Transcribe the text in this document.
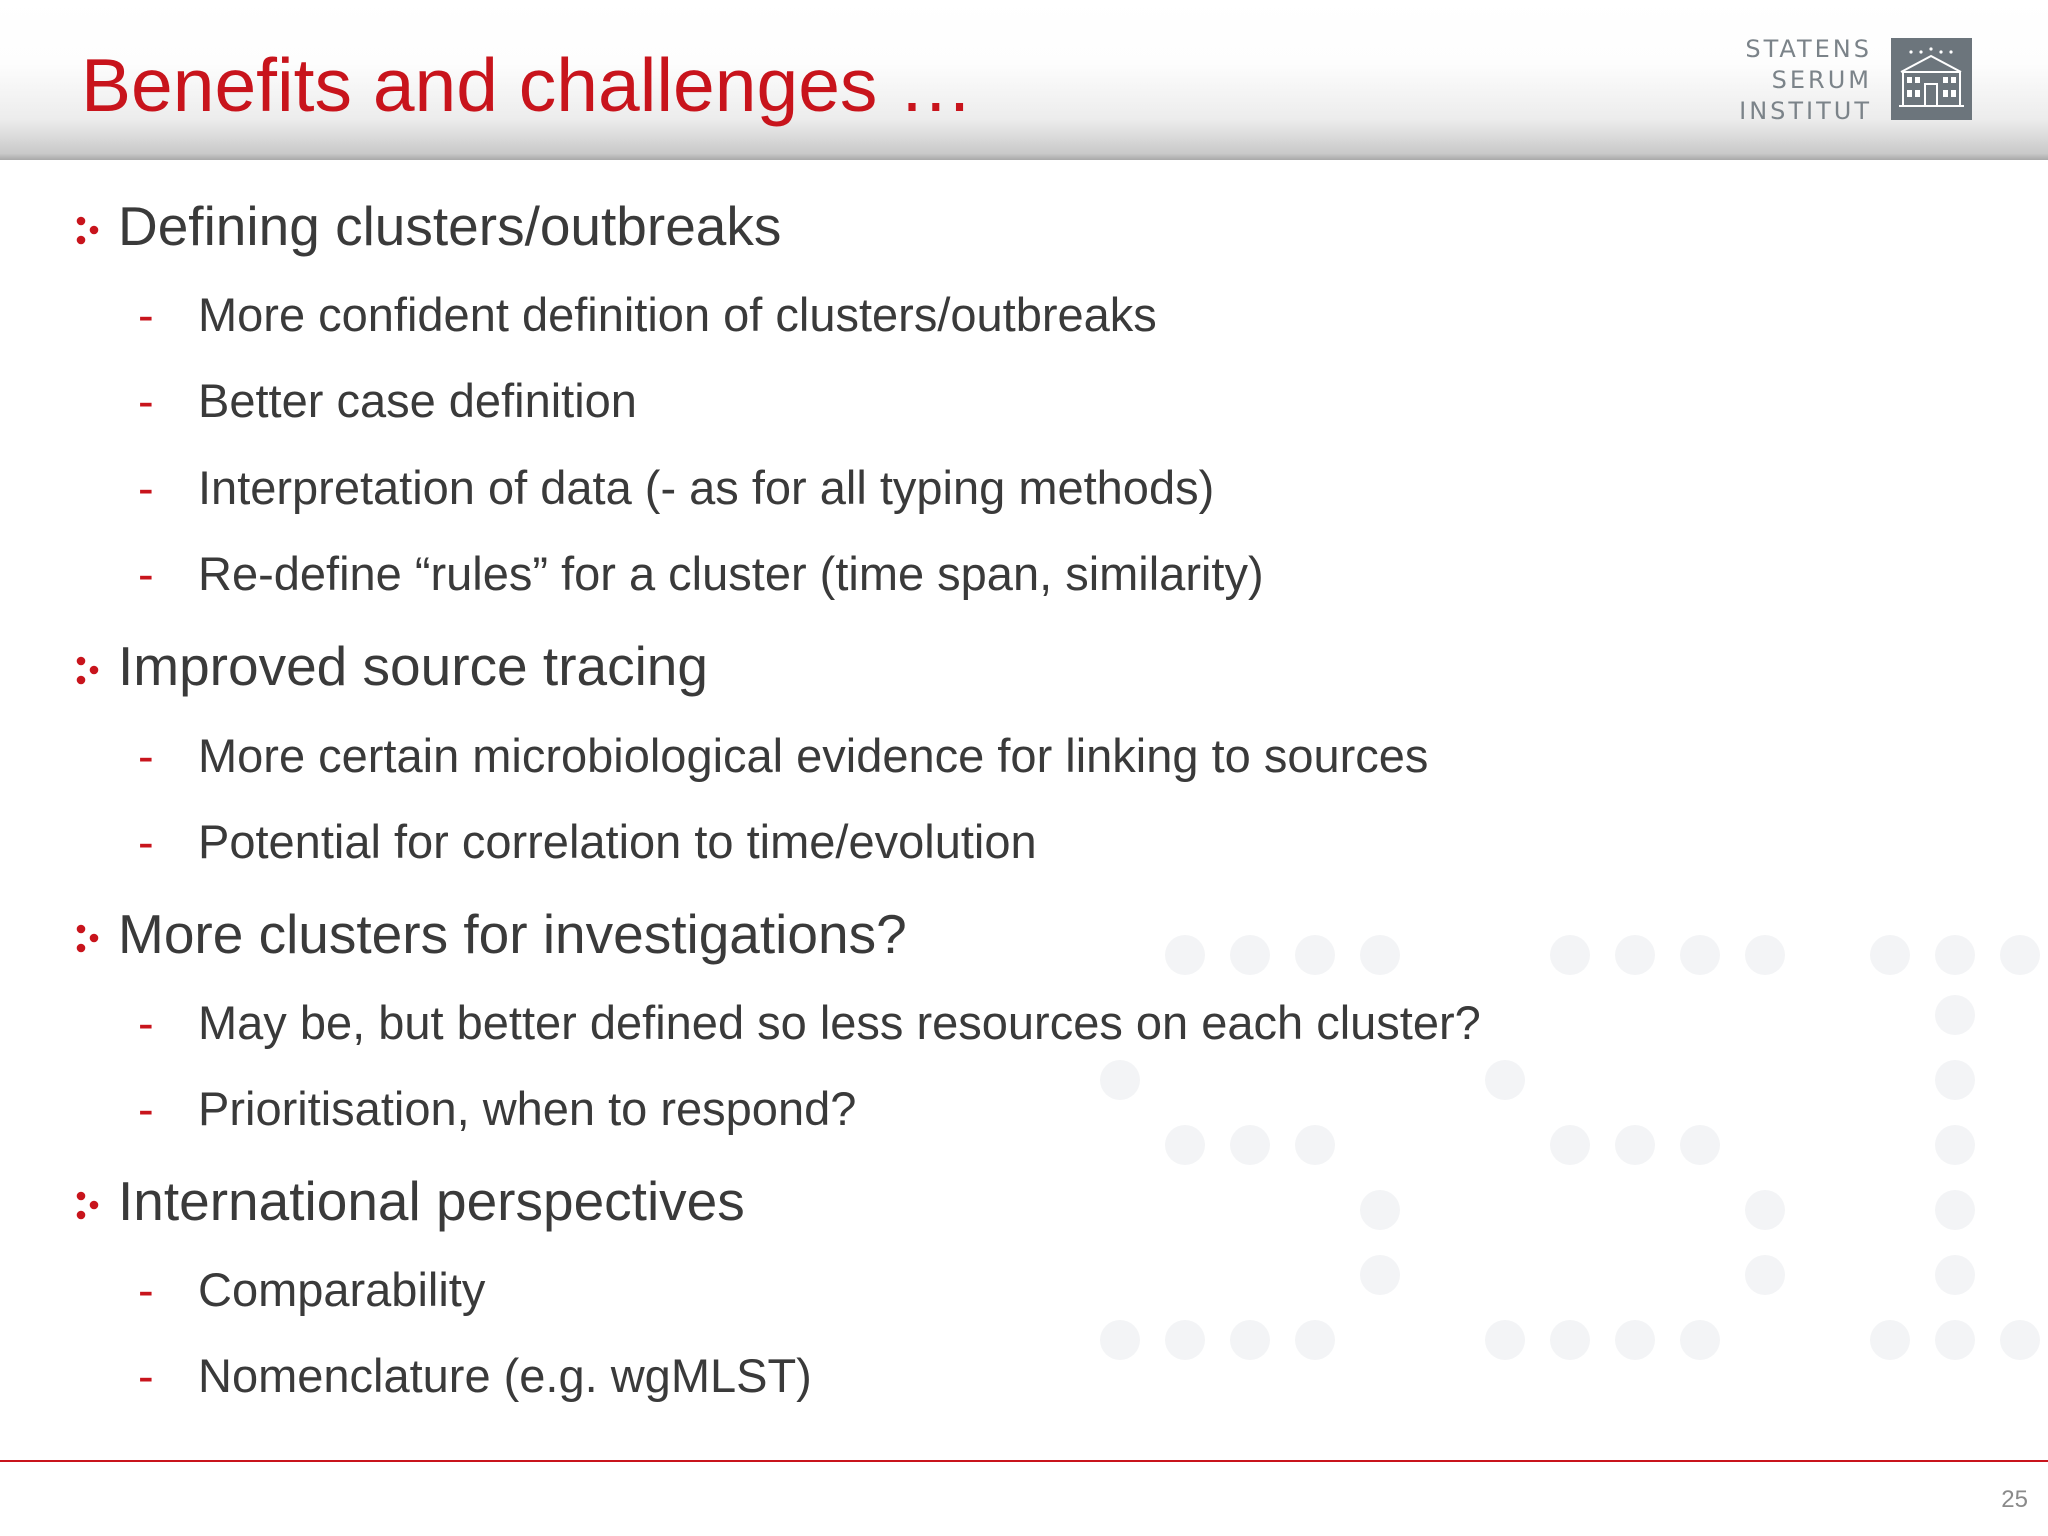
Benefits and challenges …	STATENS
SERUM
INSTITUT
Defining clusters/outbreaks
- More confident definition of clusters/outbreaks
- Better case definition
- Interpretation of data (- as for all typing methods)
- Re-define “rules” for a cluster (time span, similarity)
Improved source tracing
- More certain microbiological evidence for linking to sources
- Potential for correlation to time/evolution
More clusters for investigations?
- May be, but better defined so less resources on each cluster?
- Prioritisation, when to respond?
International perspectives
- Comparability
- Nomenclature (e.g. wgMLST)
25
